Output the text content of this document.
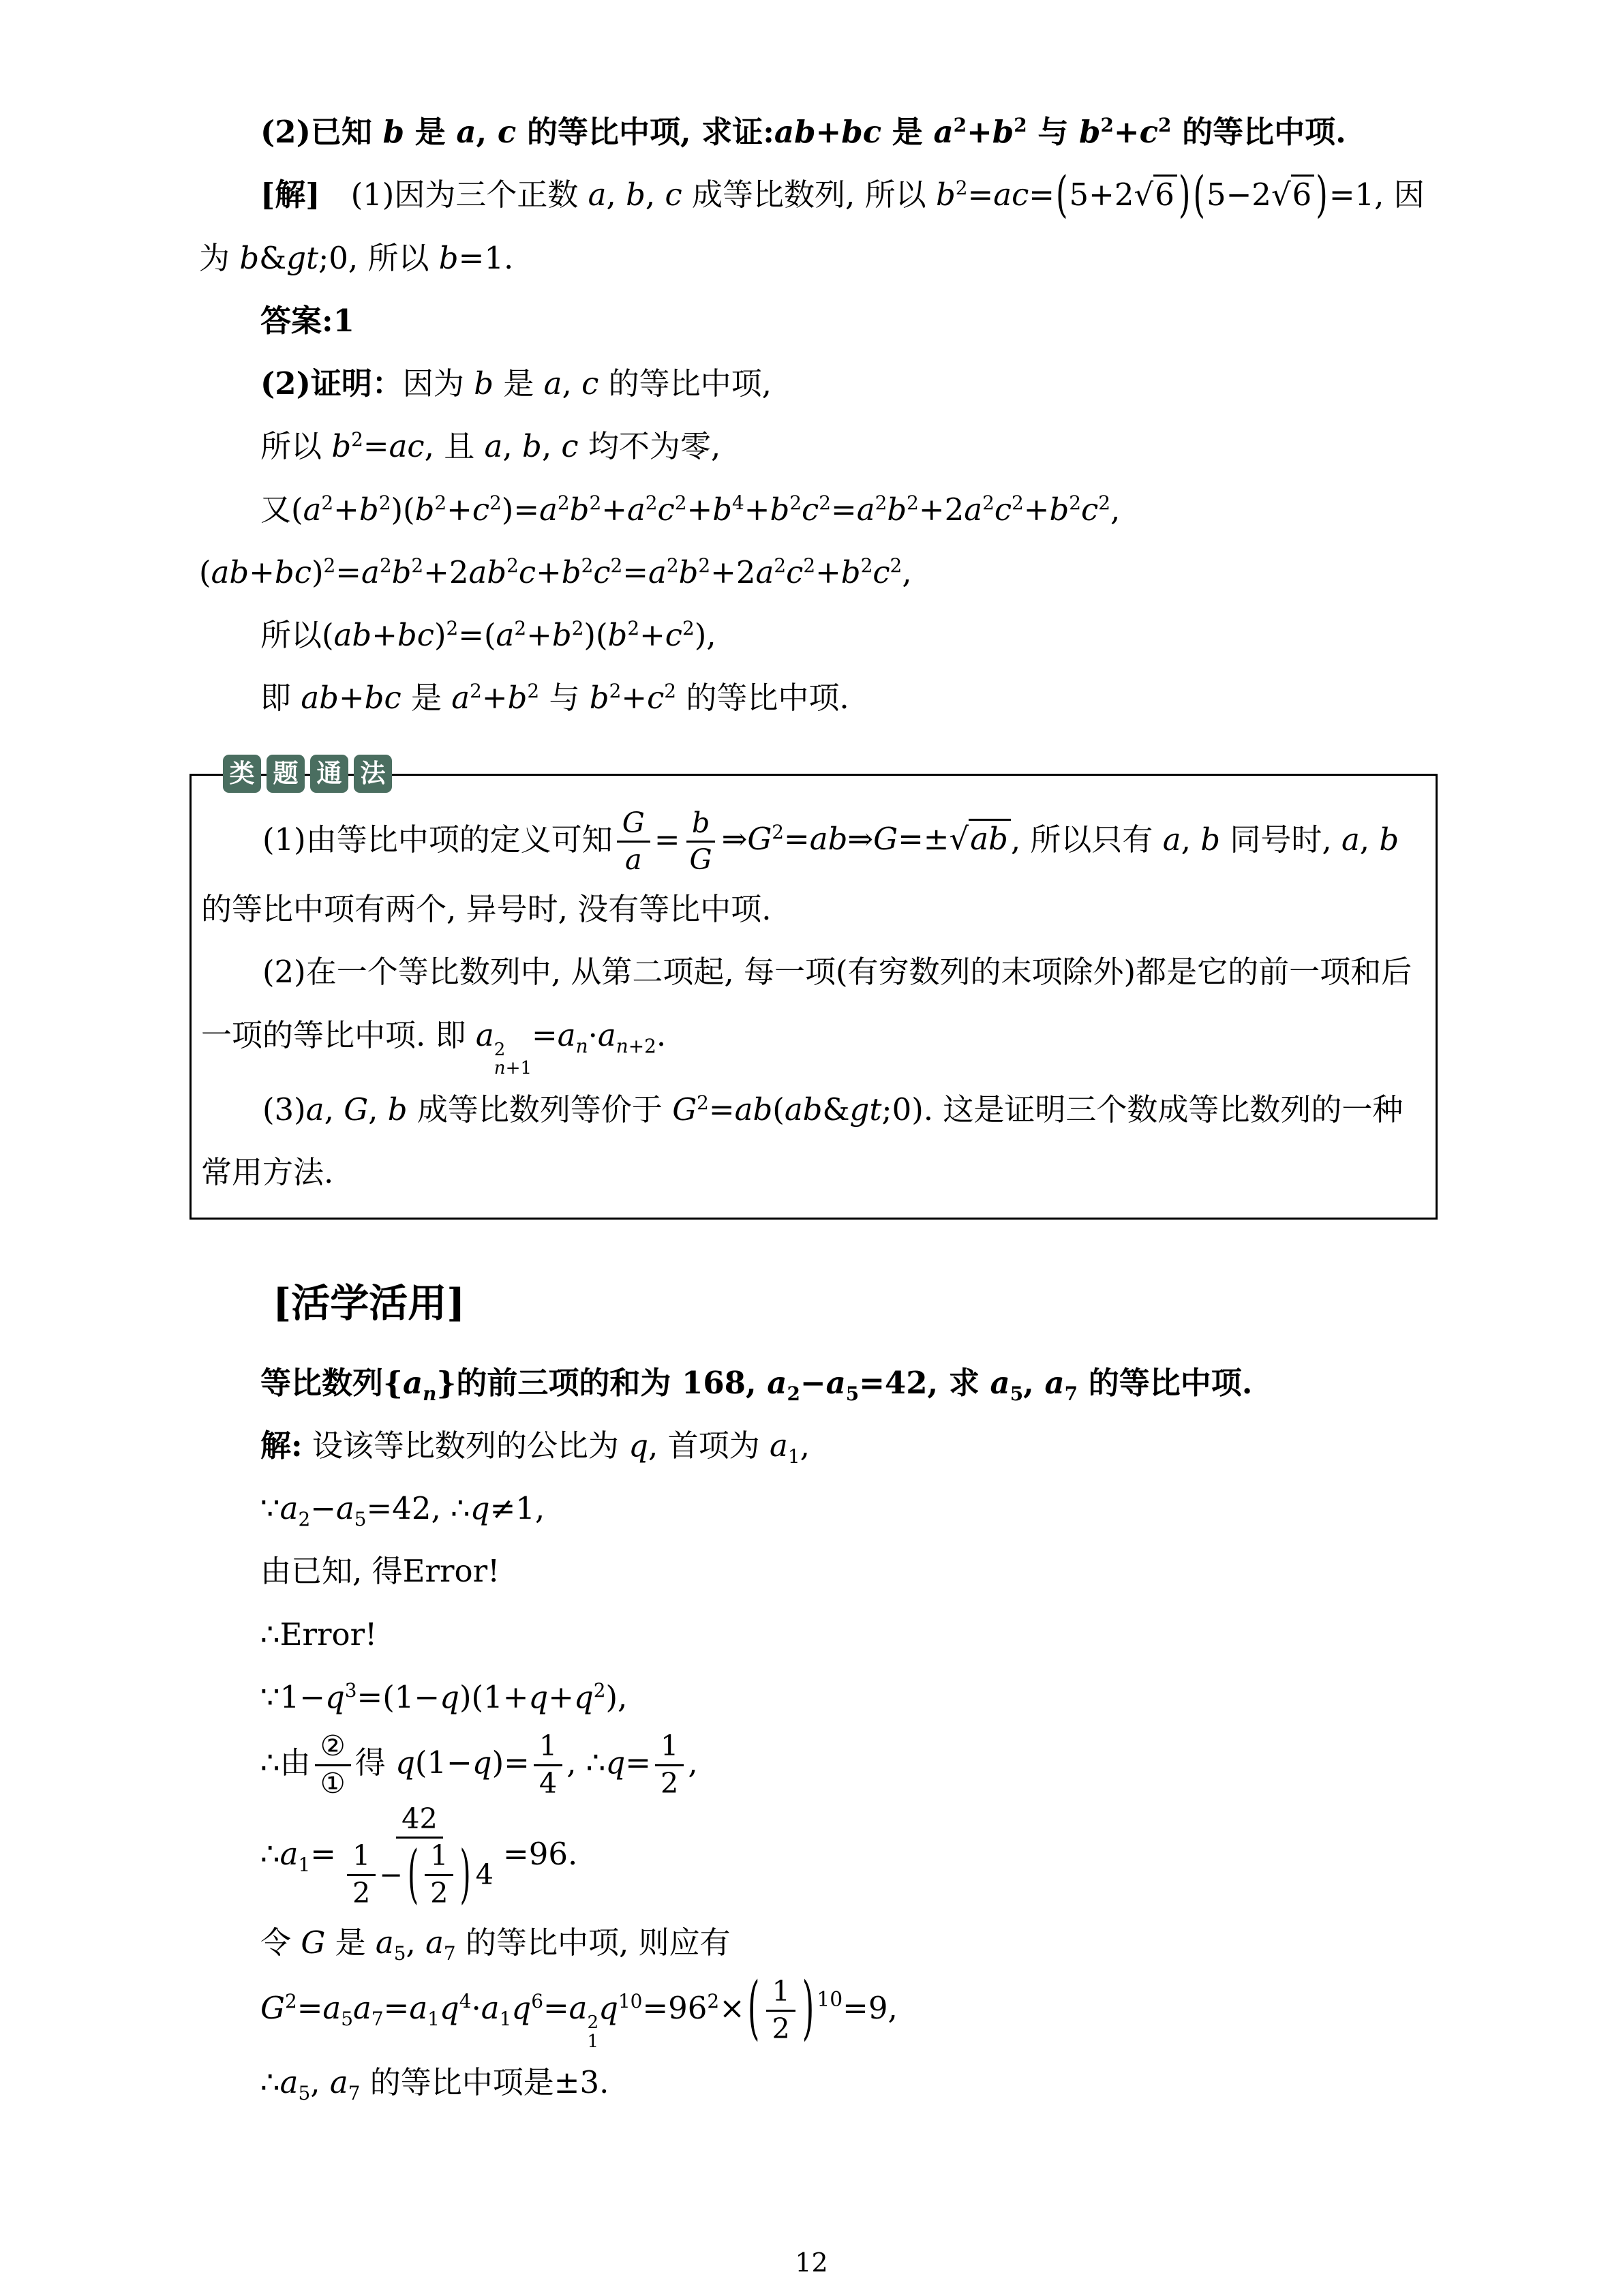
(2)已知 b 是 a, c 的等比中项, 求证:ab+bc 是 $a^2+b^2$ 与 $b^2+c^2$ 的等比中项.

[解]　(1)因为三个正数 a, b, c 成等比数列, 所以 $b^2=ac=(5+2√6$ )(5−2√6 )=1, 因为 b&gt;0, 所以 b=1.

答案:1

(2)证明：因为 b 是 a, c 的等比中项,

所以 $b^2=ac$, 且 a, b, c 均不为零,

又$(a^2+b^2)(b^2+c^2)=a^2b^2+a^2c^2+b^4+b^2c^2=a^2b^2+2a^2c^2+b^2c^2$, $(ab+bc)^2=a^2b^2+2ab^2c+b^2c^2=a^2b^2+2a^2c^2+b^2c^2$,

所以$(ab+bc)^2=(a^2+b^2)(b^2+c^2)$,

即 ab+bc 是 $a^2+b^2$ 与 $b^2+c^2$ 的等比中项.

类 题 通 法

(1)由等比中项的定义可知 $\frac{G}{a} = \frac{b}{G}$ $\Rightarrow G^2=ab\Rightarrow G=\pm√ab$, 所以只有 a, b 同号时, a, b 的等比中项有两个, 异号时, 没有等比中项.

(2)在一个等比数列中, 从第二项起, 每一项(有穷数列的末项除外)都是它的前一项和后一项的等比中项. 即 a 2
n+1
$=a_n\cdot a_{n+2}$.

(3)a, G, b 成等比数列等价于 $G^2=ab(ab\&gt;0)$. 这是证明三个数成等比数列的一种常用方法.

[活学活用]

等比数列$\{a_n\}$的前三项的和为 168, $a_2-a_5=42$, 求 $a_5$, $a_7$ 的等比中项.

解: 设该等比数列的公比为 q, 首项为 $a_1$,

$\because a_2-a_5=42$, ∴q≠1,

由已知, 得Error!

∴Error!

$\because 1-q^3=(1-q)(1+q+q^2)$,

∴由 $\frac{\text{②}}{\text{①}}$ 得 $q(1-q)= \frac{1}{4}$ , ∴q= $\frac{1}{2}$ ,

$\therefore a_1= \frac{42}{\frac{1}{2} - ( \frac{1}{2} ) 4} =96$.

令 G 是 $a_5$, $a_7$ 的等比中项, 则应有

$G^2=a_5a_7=a_1q^4\cdot a_1q^6=a$ 2
1
$q^{10}=96^2\times( \frac{1}{2}$ ) $^{10}$=9,

$\therefore a_5$, $a_7$ 的等比中项是±3.

12
